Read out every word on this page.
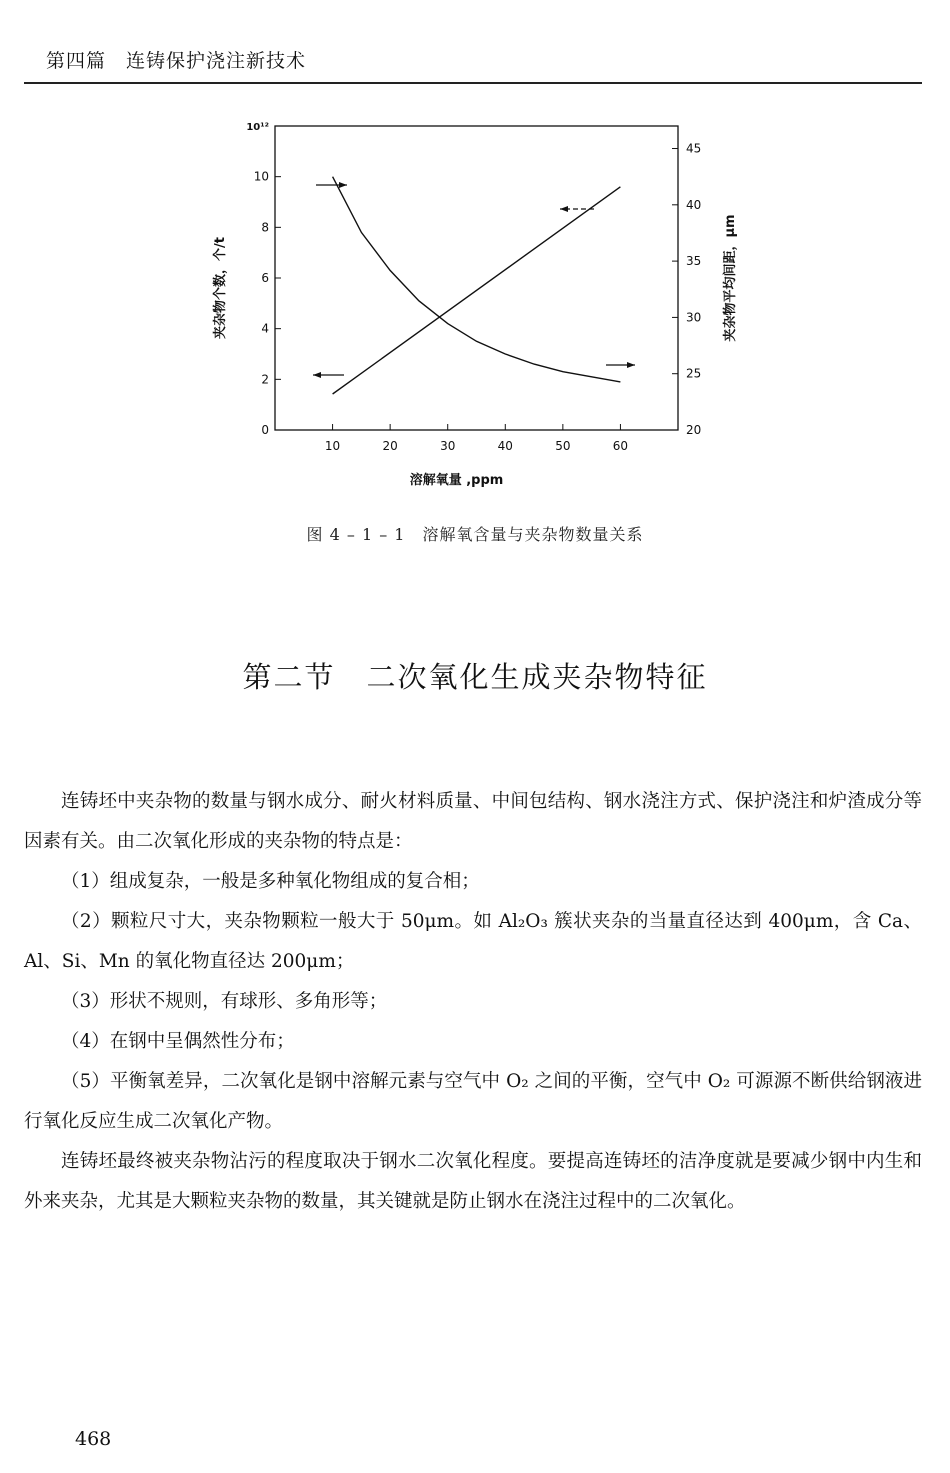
第四篇　连铸保护浇注新技术
10	20	30	40	50	60
0
2
4
6
8
10
10¹²
20
25
30
35
40
45
溶解氧量 ,ppm
夹杂物个数，个/t	夹杂物平均间距，μm
图 4 – 1 – 1　溶解氧含量与夹杂物数量关系
第二节　二次氧化生成夹杂物特征

连铸坯中夹杂物的数量与钢水成分、耐火材料质量、中间包结构、钢水浇注方式、保护浇注和炉渣成分等因素有关。由二次氧化形成的夹杂物的特点是：

（1）组成复杂，一般是多种氧化物组成的复合相；

（2）颗粒尺寸大，夹杂物颗粒一般大于 50μm。如 Al₂O₃ 簇状夹杂的当量直径达到 400μm，含 Ca、Al、Si、Mn 的氧化物直径达 200μm；

（3）形状不规则，有球形、多角形等；

（4）在钢中呈偶然性分布；

（5）平衡氧差异，二次氧化是钢中溶解元素与空气中 O₂ 之间的平衡，空气中 O₂ 可源源不断供给钢液进行氧化反应生成二次氧化产物。

连铸坯最终被夹杂物沾污的程度取决于钢水二次氧化程度。要提高连铸坯的洁净度就是要减少钢中内生和外来夹杂，尤其是大颗粒夹杂物的数量，其关键就是防止钢水在浇注过程中的二次氧化。

468
